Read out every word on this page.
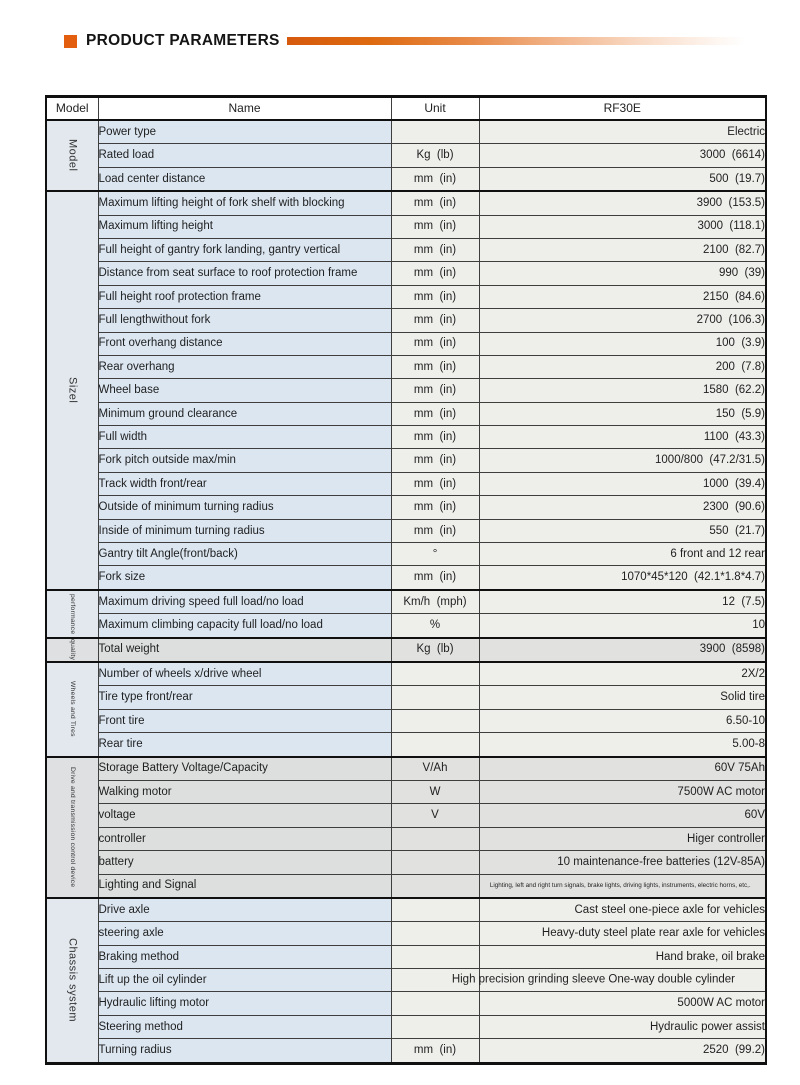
PRODUCT PARAMETERS
Model	Name	Unit	RF30E
Model	Power type		Electric
	Rated load	Kg  (lb)	3000  (6614)
	Load center distance	mm  (in)	500  (19.7)
Sizel	Maximum lifting height of fork shelf with blocking	mm  (in)	3900  (153.5)
	Maximum lifting height	mm  (in)	3000  (118.1)
	Full height of gantry fork landing, gantry vertical	mm  (in)	2100  (82.7)
	Distance from seat surface to roof protection frame	mm  (in)	990  (39)
	Full height roof protection frame	mm  (in)	2150  (84.6)
	Full lengthwithout fork	mm  (in)	2700  (106.3)
	Front overhang distance	mm  (in)	100  (3.9)
	Rear overhang	mm  (in)	200  (7.8)
	Wheel base	mm  (in)	1580  (62.2)
	Minimum ground clearance	mm  (in)	150  (5.9)
	Full width	mm  (in)	1100  (43.3)
	Fork pitch outside max/min	mm  (in)	1000/800  (47.2/31.5)
	Track width front/rear	mm  (in)	1000  (39.4)
	Outside of minimum turning radius	mm  (in)	2300  (90.6)
	Inside of minimum turning radius	mm  (in)	550  (21.7)
	Gantry tilt Angle(front/back)	°	6 front and 12 rear
	Fork size	mm  (in)	1070*45*120  (42.1*1.8*4.7)
performance	Maximum driving speed full load/no load	Km/h  (mph)	12  (7.5)
	Maximum climbing capacity full load/no load	%	10
quality	Total weight	Kg  (lb)	3900  (8598)
Wheels and Tires	Number of wheels x/drive wheel		2X/2
	Tire type front/rear		Solid tire
	Front tire		6.50-10
	Rear tire		5.00-8
Drive and transmission control device	Storage Battery Voltage/Capacity	V/Ah	60V 75Ah
	Walking motor	W	7500W AC motor
	voltage	V	60V
	controller		Higer controller
	battery		10 maintenance-free batteries (12V-85A)
	Lighting and Signal		Lighting, left and right turn signals, brake lights, driving lights, instruments, electric horns, etc,.
Chassis system	Drive axle		Cast steel one-piece axle for vehicles
	steering axle		Heavy-duty steel plate rear axle for vehicles
	Braking method		Hand brake, oil brake
	Lift up the oil cylinder		High precision grinding sleeve One-way double cylinder

	Hydraulic lifting motor		5000W AC motor
	Steering method		Hydraulic power assist
	Turning radius	mm  (in)	2520  (99.2)
